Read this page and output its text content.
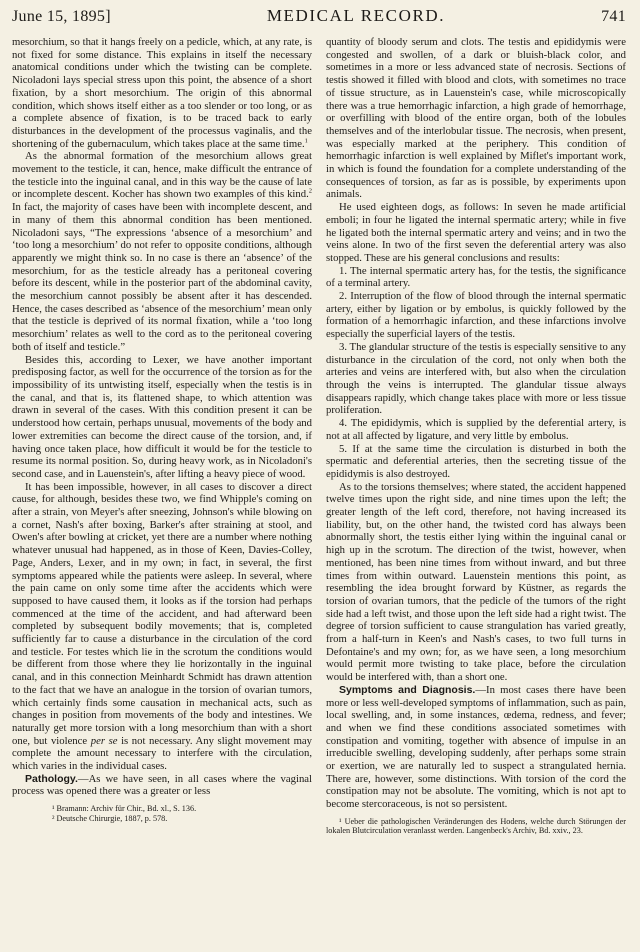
June 15, 1895]	MEDICAL RECORD.	741

mesorchium, so that it hangs freely on a pedicle, which, at any rate, is not fixed for some distance. This explains in itself the necessary anatomical conditions under which the twisting can be complete. Nicoladoni lays special stress upon this point, the absence of a short fixation, by a short mesorchium. The origin of this abnormal condition, which shows itself either as a too slender or too long, or as a complete absence of fixation, is to be traced back to early disturbances in the development of the processus vaginalis, and the shortening of the gubernaculum, which takes place at the same time.$^1$

As the abnormal formation of the mesorchium allows great movement to the testicle, it can, hence, make difficult the entrance of the testicle into the inguinal canal, and in this way be the cause of late or incomplete descent. Kocher has shown two examples of this kind.$^2$ In fact, the majority of cases have been with incomplete descent, and in many of them this abnormal condition has been mentioned. Nicoladoni says, “The expressions ‘absence of a mesorchium’ and ‘too long a mesorchium’ do not refer to opposite conditions, although apparently we might think so. In no case is there an ‘absence’ of the mesorchium, for as the testicle already has a peritoneal covering before its descent, while in the posterior part of the abdominal cavity, the mesorchium cannot possibly be absent after it has descended. Hence, the cases described as ‘absence of the mesorchium’ mean only that the testicle is deprived of its normal fixation, while a ‘too long mesorchium’ relates as well to the cord as to the peritoneal covering both of itself and testicle.”

Besides this, according to Lexer, we have another important predisposing factor, as well for the occurrence of the torsion as for the impossibility of its untwisting itself, especially when the testis is in the canal, and that is, its flattened shape, to which attention was drawn in several of the cases. With this condition present it can be understood how certain, perhaps unusual, movements of the body and lower extremities can become the direct cause of the torsion, and, if having once taken place, how difficult it would be for the testicle to resume its normal position. So, during heavy work, as in Nicoladoni's second case, and in Lauenstein's, after lifting a heavy piece of wood.

It has been impossible, however, in all cases to discover a direct cause, for although, besides these two, we find Whipple's coming on after a strain, von Meyer's after sneezing, Johnson's while blowing on a cornet, Nash's after boxing, Barker's after straining at stool, and Owen's after bowling at cricket, yet there are a number where nothing whatever unusual had happened, as in those of Keen, Davies-Colley, Page, Anders, Lexer, and in my own; in fact, in several, the first symptoms appeared while the patients were asleep. In several, where the pain came on only some time after the accidents which were supposed to have caused them, it looks as if the torsion had perhaps commenced at the time of the accident, and had afterward been completed by subsequent bodily movements; that is, completed sufficiently far to cause a disturbance in the circulation of the cord and testicle. For testes which lie in the scrotum the conditions would be different from those where they lie horizontally in the inguinal canal, and in this connection Meinhardt Schmidt has drawn attention to the fact that we have an analogue in the torsion of ovarian tumors, which certainly finds some causation in mechanical acts, such as changes in position from movements of the body and intestines. We naturally get more torsion with a long mesorchium than with a short one, but violence per se is not necessary. Any slight movement may complete the amount necessary to interfere with the circulation, which varies in the individual cases.

Pathology.—As we have seen, in all cases where the vaginal process was opened there was a greater or less

¹ Bramann: Archiv für Chir., Bd. xl., S. 136.
² Deutsche Chirurgie, 1887, p. 578.

quantity of bloody serum and clots. The testis and epididymis were congested and swollen, of a dark or bluish-black color, and sometimes in a more or less advanced state of necrosis. Sections of testis showed it filled with blood and clots, with sometimes no trace of tissue structure, as in Lauenstein's case, while microscopically there was a true hemorrhagic infarction, a high grade of hemorrhage, or overfilling with blood of the entire organ, both of the lobules themselves and of the interlobular tissue. The necrosis, when present, was especially marked at the periphery. This condition of hemorrhagic infarction is well explained by Miflet's important work, in which is found the foundation for a complete understanding of the consequences of torsion, as far as is possible, by experiments upon animals.

He used eighteen dogs, as follows: In seven he made artificial emboli; in four he ligated the internal spermatic artery; while in five he ligated both the internal spermatic artery and veins; and in two the veins alone. In two of the first seven the deferential artery was also stopped. These are his general conclusions and results:

1. The internal spermatic artery has, for the testis, the significance of a terminal artery.

2. Interruption of the flow of blood through the internal spermatic artery, either by ligation or by embolus, is quickly followed by the formation of a hemorrhagic infarction, and these infarctions involve especially the superficial layers of the testis.

3. The glandular structure of the testis is especially sensitive to any disturbance in the circulation of the cord, not only when both the arteries and veins are interfered with, but also when the circulation through the veins is interrupted. The glandular tissue always disappears rapidly, which change takes place with more or less tissue proliferation.

4. The epididymis, which is supplied by the deferential artery, is not at all affected by ligature, and very little by embolus.

5. If at the same time the circulation is disturbed in both the spermatic and deferential arteries, then the secreting tissue of the epididymis is also destroyed.

As to the torsions themselves; where stated, the accident happened twelve times upon the right side, and nine times upon the left; the greater length of the left cord, therefore, not having increased its liability, but, on the other hand, the twisted cord has always been abnormally short, the testis either lying within the inguinal canal or high up in the scrotum. The direction of the twist, however, when mentioned, has been nine times from without inward, and but three times from within outward. Lauenstein mentions this point, as resembling the idea brought forward by Küstner, as regards the torsion of ovarian tumors, that the pedicle of the tumors of the right side had a left twist, and those upon the left side had a right twist. The degree of torsion sufficient to cause strangulation has varied greatly, from a half-turn in Keen's and Nash's cases, to two full turns in Defontaine's and my own; for, as we have seen, a long mesorchium would permit more twisting to take place, before the circulation would be interfered with, than a short one.

Symptoms and Diagnosis.—In most cases there have been more or less well-developed symptoms of inflammation, such as pain, local swelling, and, in some instances, œdema, redness, and fever; and when we find these conditions associated sometimes with constipation and vomiting, together with absence of impulse in an irreducible swelling, developing suddenly, after perhaps some strain or exertion, we are naturally led to suspect a strangulated hernia. There are, however, some distinctions. With torsion of the cord the constipation may not be absolute. The vomiting, which is not apt to become stercoraceous, is not so persistent.

¹ Ueber die pathologischen Veränderungen des Hodens, welche durch Störungen der lokalen Blutcirculation veranlasst werden. Langenbeck's Archiv, Bd. xxiv., 23.
